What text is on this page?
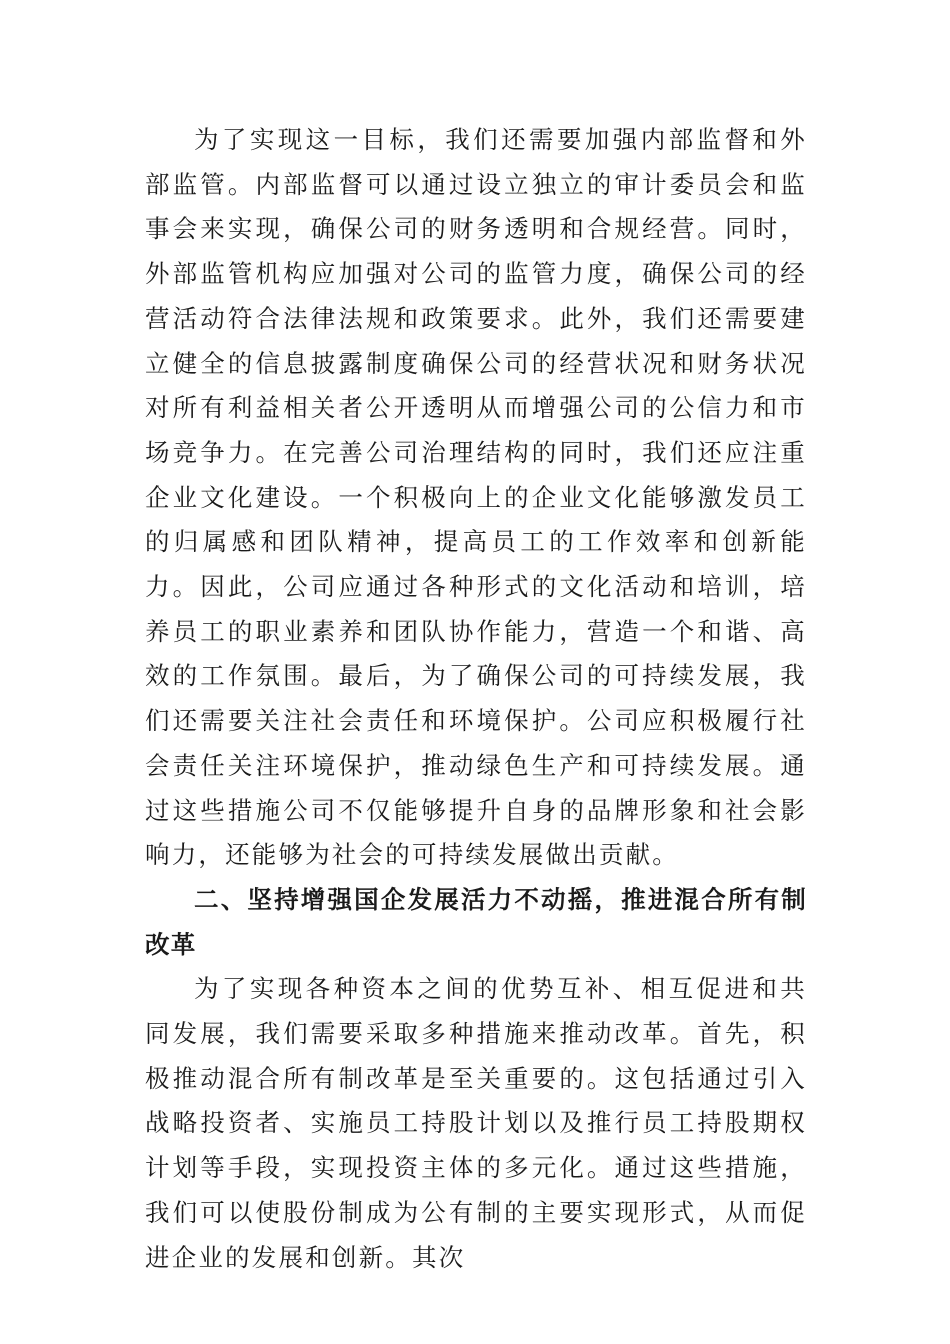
为了实现这一目标，我们还需要加强内部监督和外部监管。内部监督可以通过设立独立的审计委员会和监事会来实现，确保公司的财务透明和合规经营。同时，外部监管机构应加强对公司的监管力度，确保公司的经营活动符合法律法规和政策要求。此外，我们还需要建立健全的信息披露制度确保公司的经营状况和财务状况对所有利益相关者公开透明从而增强公司的公信力和市场竞争力。在完善公司治理结构的同时，我们还应注重企业文化建设。一个积极向上的企业文化能够激发员工的归属感和团队精神，提高员工的工作效率和创新能力。因此，公司应通过各种形式的文化活动和培训，培养员工的职业素养和团队协作能力，营造一个和谐、高效的工作氛围。最后，为了确保公司的可持续发展，我们还需要关注社会责任和环境保护。公司应积极履行社会责任关注环境保护，推动绿色生产和可持续发展。通过这些措施公司不仅能够提升自身的品牌形象和社会影响力，还能够为社会的可持续发展做出贡献。

二、坚持增强国企发展活力不动摇，推进混合所有制改革

为了实现各种资本之间的优势互补、相互促进和共同发展，我们需要采取多种措施来推动改革。首先，积极推动混合所有制改革是至关重要的。这包括通过引入战略投资者、实施员工持股计划以及推行员工持股期权计划等手段，实现投资主体的多元化。通过这些措施，我们可以使股份制成为公有制的主要实现形式，从而促进企业的发展和创新。其次
